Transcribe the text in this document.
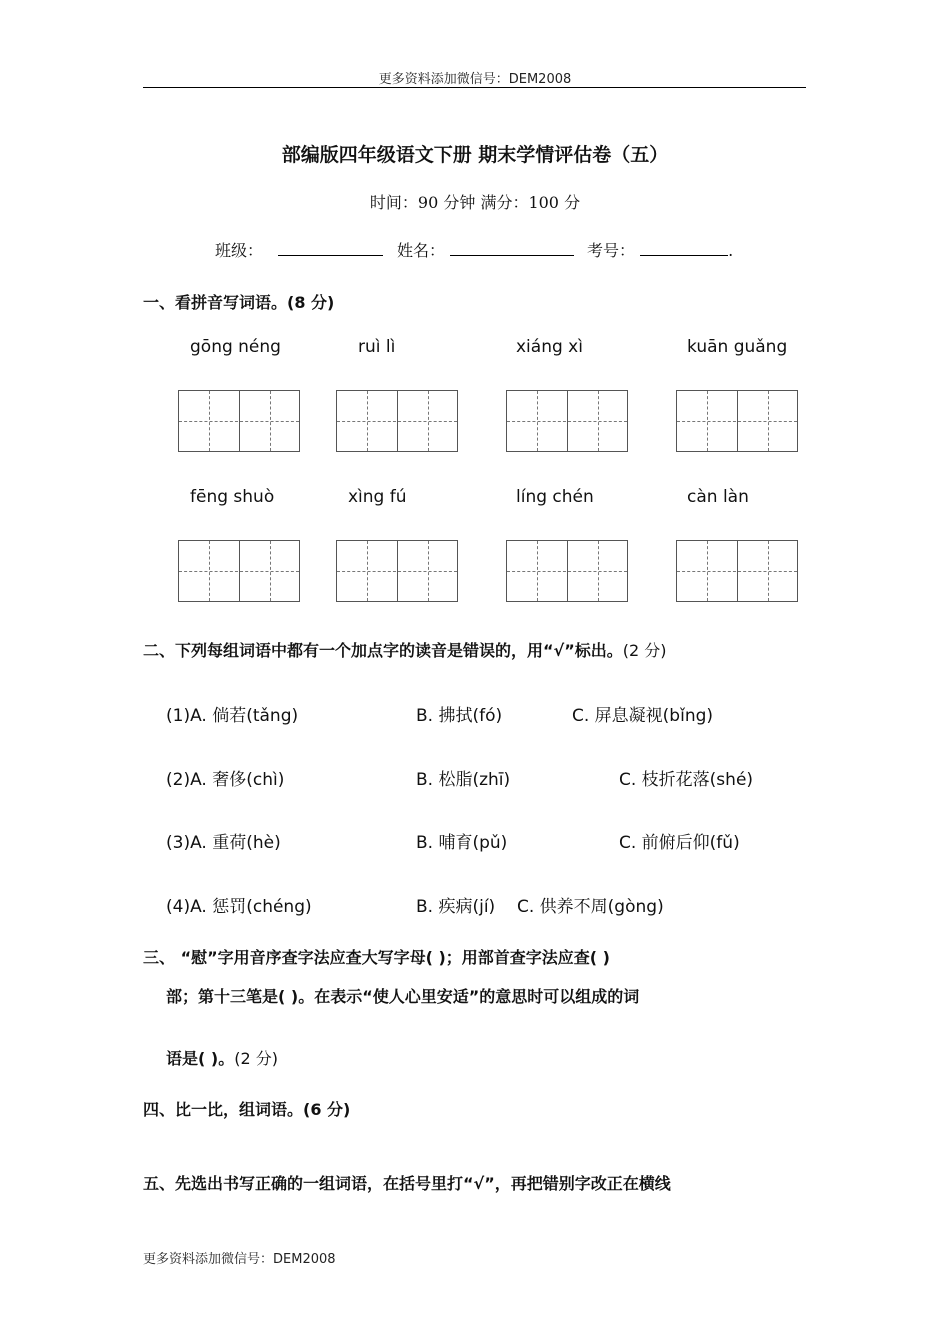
更多资料添加微信号：DEM2008
部编版四年级语文下册 期末学情评估卷（五）
时间：90 分钟 满分：100 分
班级：	姓名：	考号：	.
一、看拼音写词语。(8 分)
gōng néng	ruì lì	xiáng xì	kuān guǎng
fēng shuò	xìng fú	líng chén	càn làn
二、下列每组词语中都有一个加点字的读音是错误的，用“√”标出。(2 分)
(1)A. 倘若(tǎng)	B. 拂拭(fó)	C. 屏息凝视(bǐng)
(2)A. 奢侈(chì)	B. 松脂(zhī)	C. 枝折花落(shé)
(3)A. 重荷(hè)	B. 哺育(pǔ)	C. 前俯后仰(fǔ)
(4)A. 惩罚(chéng)	B. 疾病(jí) C. 供养不周(gòng)
三、 “慰”字用音序查字法应查大写字母( )；用部首查字法应查( )
部；第十三笔是( )。在表示“使人心里安适”的意思时可以组成的词
语是( )。(2 分)
四、比一比，组词语。(6 分)
五、先选出书写正确的一组词语，在括号里打“√”，再把错别字改正在横线
更多资料添加微信号：DEM2008
